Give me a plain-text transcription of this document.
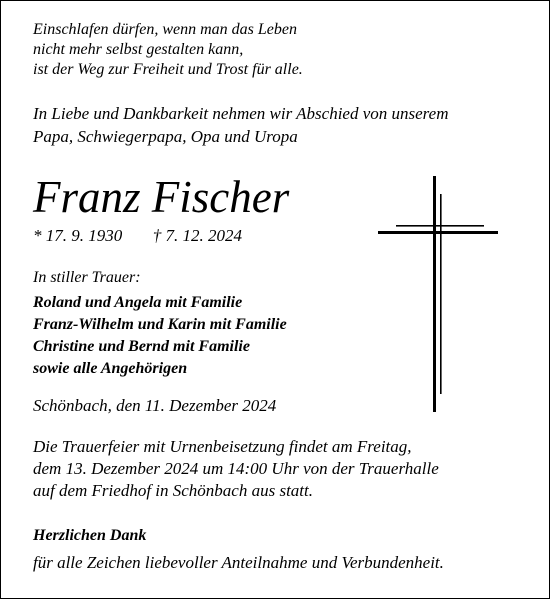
Einschlafen dürfen, wenn man das Leben
nicht mehr selbst gestalten kann,
ist der Weg zur Freiheit und Trost für alle.
In Liebe und Dankbarkeit nehmen wir Abschied von unserem
Papa, Schwiegerpapa, Opa und Uropa
Franz Fischer
* 17. 9. 1930 † 7. 12. 2024
In stiller Trauer:
Roland und Angela mit Familie
Franz-Wilhelm und Karin mit Familie
Christine und Bernd mit Familie
sowie alle Angehörigen
Schönbach, den 11. Dezember 2024
Die Trauerfeier mit Urnenbeisetzung findet am Freitag,
dem 13. Dezember 2024 um 14:00 Uhr von der Trauerhalle
auf dem Friedhof in Schönbach aus statt.
Herzlichen Dank
für alle Zeichen liebevoller Anteilnahme und Verbundenheit.
